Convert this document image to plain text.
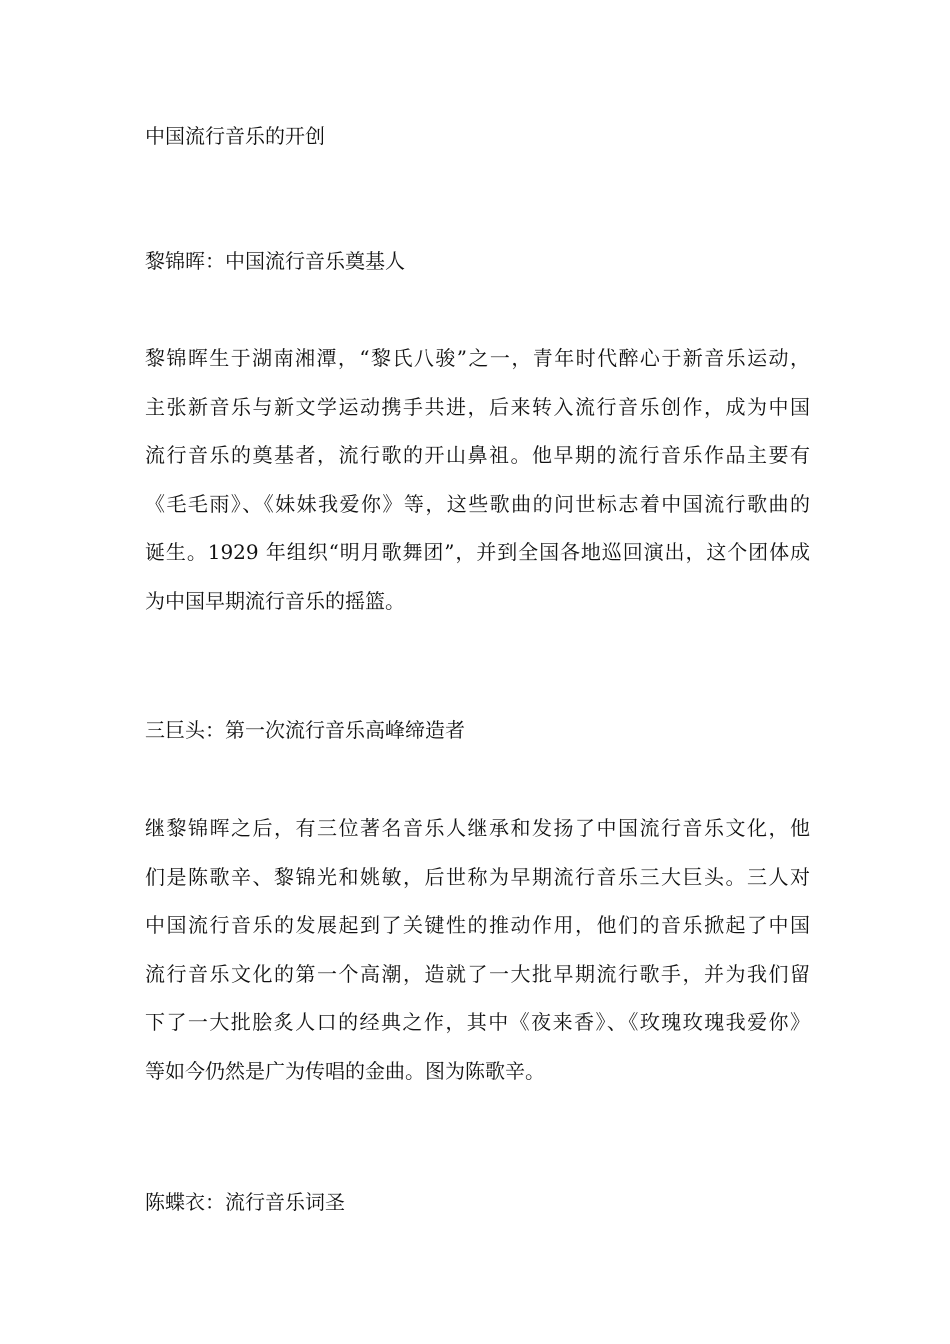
中国流行音乐的开创

黎锦晖：中国流行音乐奠基人

黎锦晖生于湖南湘潭，“黎氏八骏”之一，青年时代醉心于新音乐运动，
主张新音乐与新文学运动携手共进，后来转入流行音乐创作，成为中国
流行音乐的奠基者，流行歌的开山鼻祖。他早期的流行音乐作品主要有
《毛毛雨》、《妹妹我爱你》等，这些歌曲的问世标志着中国流行歌曲的
诞生。1929 年组织“明月歌舞团”，并到全国各地巡回演出，这个团体成
为中国早期流行音乐的摇篮。

三巨头：第一次流行音乐高峰缔造者

继黎锦晖之后，有三位著名音乐人继承和发扬了中国流行音乐文化，他
们是陈歌辛、黎锦光和姚敏，后世称为早期流行音乐三大巨头。三人对
中国流行音乐的发展起到了关键性的推动作用，他们的音乐掀起了中国
流行音乐文化的第一个高潮，造就了一大批早期流行歌手，并为我们留
下了一大批脍炙人口的经典之作，其中《夜来香》、《玫瑰玫瑰我爱你》
等如今仍然是广为传唱的金曲。图为陈歌辛。

陈蝶衣：流行音乐词圣
